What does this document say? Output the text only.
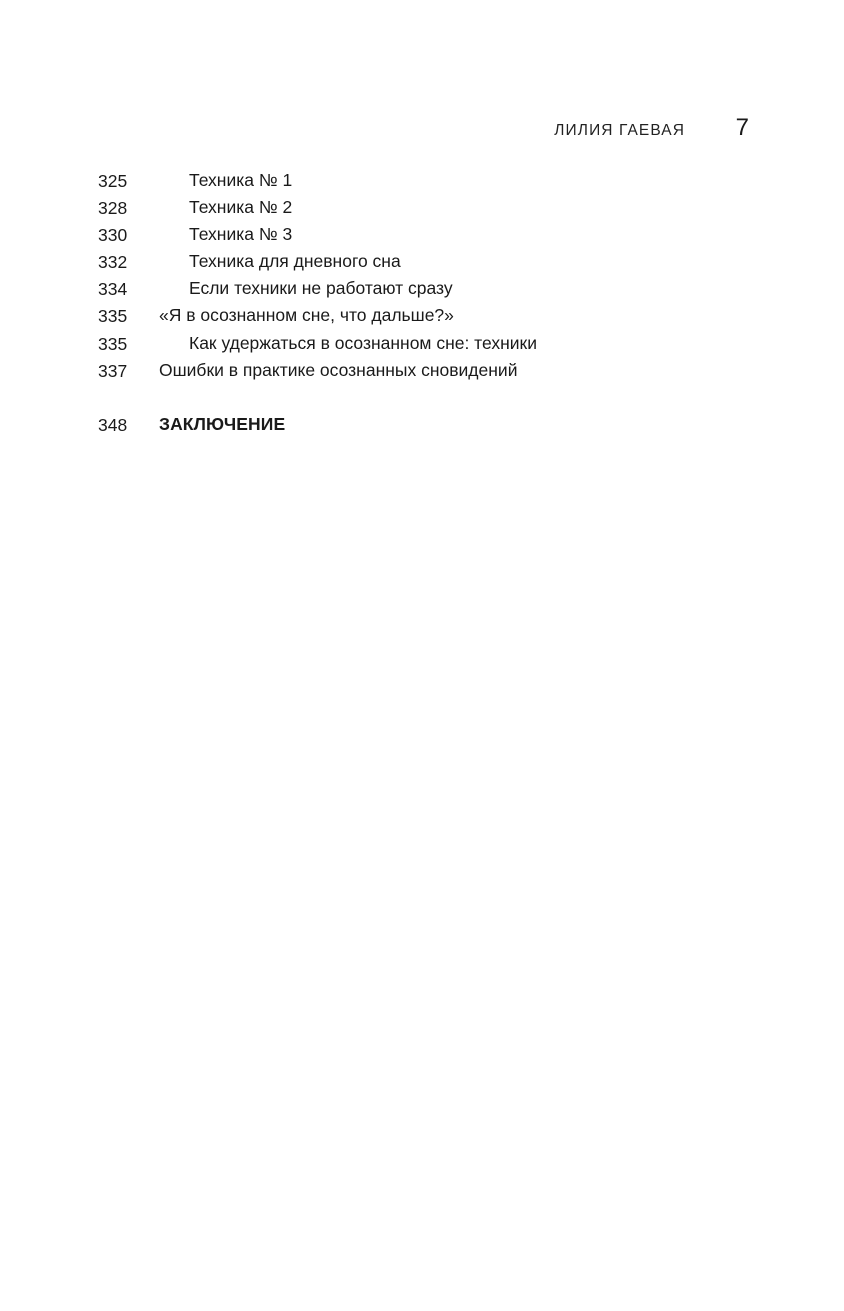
ЛИЛИЯ ГАЕВАЯ 7
325	Техника № 1
328	Техника № 2
330	Техника № 3
332	Техника для дневного сна
334	Если техники не работают сразу
335	«Я в осознанном сне, что дальше?»
335	Как удержаться в осознанном сне: техники
337	Ошибки в практике осознанных сновидений
348	ЗАКЛЮЧЕНИЕ
